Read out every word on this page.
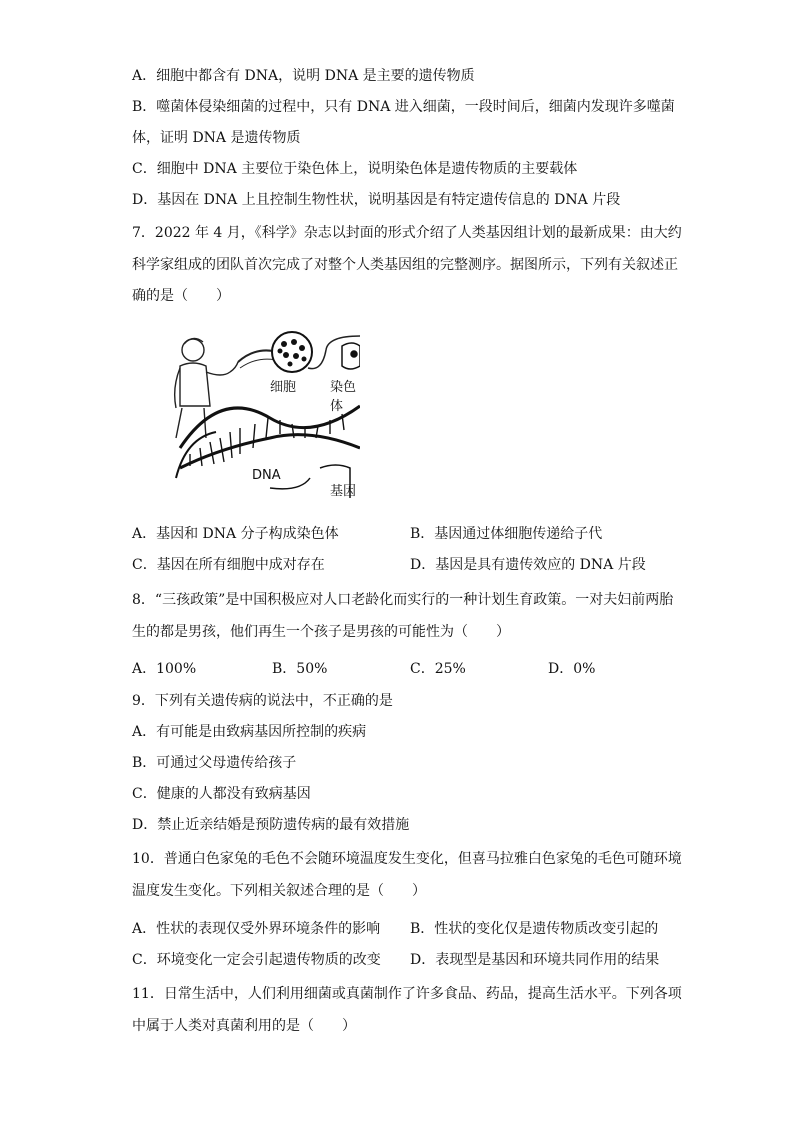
A．细胞中都含有 DNA，说明 DNA 是主要的遗传物质
B．噬菌体侵染细菌的过程中，只有 DNA 进入细菌，一段时间后，细菌内发现许多噬菌
体，证明 DNA 是遗传物质
C．细胞中 DNA 主要位于染色体上，说明染色体是遗传物质的主要载体
D．基因在 DNA 上且控制生物性状，说明基因是有特定遗传信息的 DNA 片段
7．2022 年 4 月，《科学》杂志以封面的形式介绍了人类基因组计划的最新成果：由大约
科学家组成的团队首次完成了对整个人类基因组的完整测序。据图所示，下列有关叙述正
确的是（　　）
细胞	染色体
DNA
基因
A．基因和 DNA 分子构成染色体	B．基因通过体细胞传递给子代
C．基因在所有细胞中成对存在	D．基因是具有遗传效应的 DNA 片段
8．“三孩政策”是中国积极应对人口老龄化而实行的一种计划生育政策。一对夫妇前两胎
生的都是男孩，他们再生一个孩子是男孩的可能性为（　　）
A．100%	B．50%	C．25%	D．0%
9．下列有关遗传病的说法中，不正确的是
A．有可能是由致病基因所控制的疾病
B．可通过父母遗传给孩子
C．健康的人都没有致病基因
D．禁止近亲结婚是预防遗传病的最有效措施
10．普通白色家兔的毛色不会随环境温度发生变化，但喜马拉雅白色家兔的毛色可随环境
温度发生变化。下列相关叙述合理的是（　　）
A．性状的表现仅受外界环境条件的影响 B．性状的变化仅是遗传物质改变引起的
C．环境变化一定会引起遗传物质的改变 D．表现型是基因和环境共同作用的结果
11．日常生活中，人们利用细菌或真菌制作了许多食品、药品，提高生活水平。下列各项
中属于人类对真菌利用的是（　　）
